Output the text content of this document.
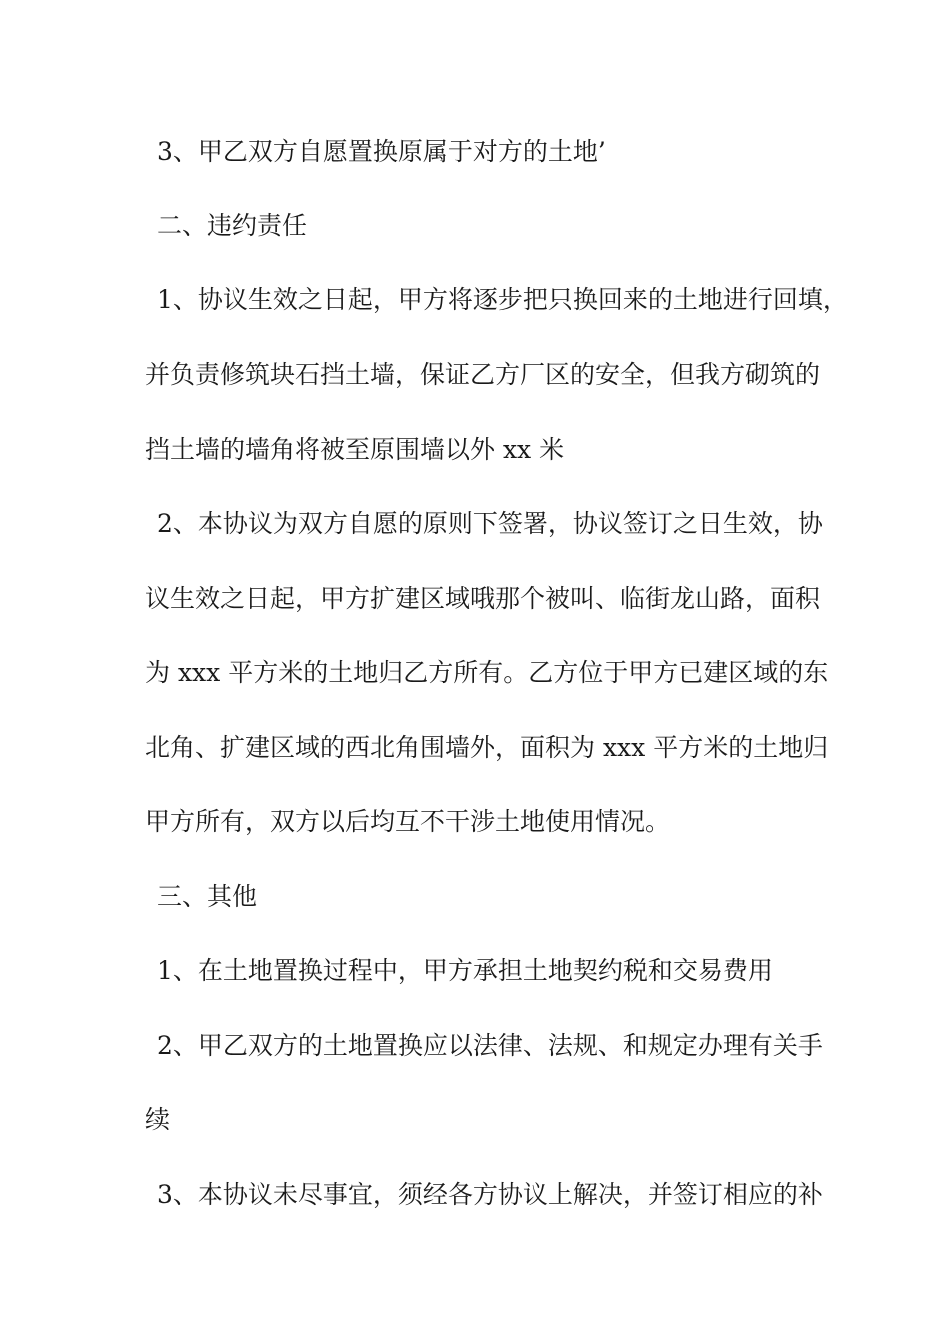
3、甲乙双方自愿置换原属于对方的土地’

二、违约责任

1、协议生效之日起，甲方将逐步把只换回来的土地进行回填，

并负责修筑块石挡土墙，保证乙方厂区的安全，但我方砌筑的

挡土墙的墙角将被至原围墙以外 xx 米

2、本协议为双方自愿的原则下签署，协议签订之日生效，协

议生效之日起，甲方扩建区域哦那个被叫、临街龙山路，面积

为 xxx 平方米的土地归乙方所有。乙方位于甲方已建区域的东

北角、扩建区域的西北角围墙外，面积为 xxx 平方米的土地归

甲方所有，双方以后均互不干涉土地使用情况。

三、其他

1、在土地置换过程中，甲方承担土地契约税和交易费用

2、甲乙双方的土地置换应以法律、法规、和规定办理有关手

续

3、本协议未尽事宜，须经各方协议上解决，并签订相应的补
